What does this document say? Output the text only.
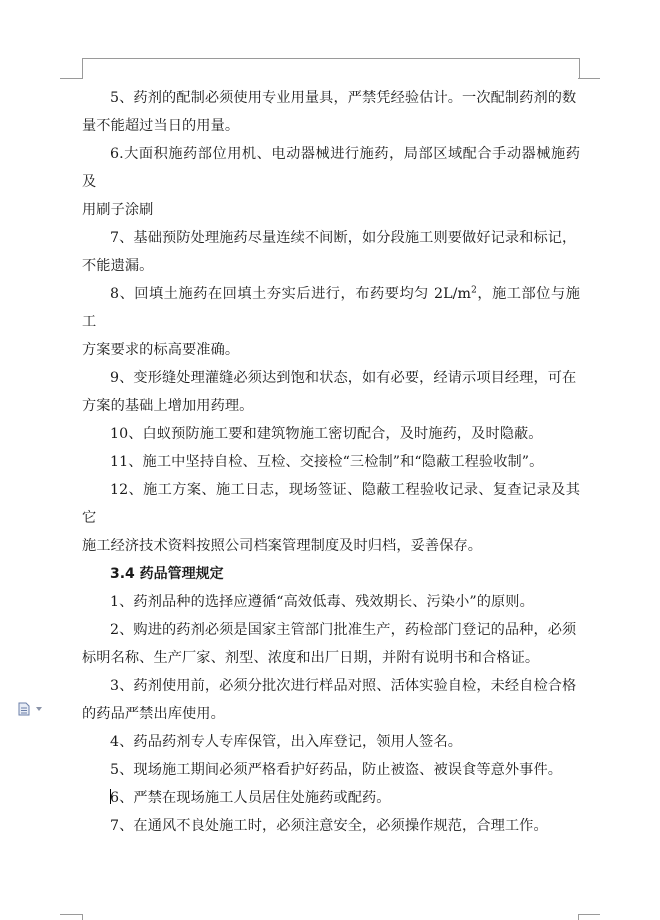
5、药剂的配制必须使用专业用量具，严禁凭经验估计。一次配制药剂的数
量不能超过当日的用量。

6.大面积施药部位用机、电动器械进行施药，局部区域配合手动器械施药及
用刷子涂刷

7、基础预防处理施药尽量连续不间断，如分段施工则要做好记录和标记，
不能遗漏。

8、回填土施药在回填土夯实后进行，布药要均匀 $2L/m^2$，施工部位与施工
方案要求的标高要准确。

9、变形缝处理灌缝必须达到饱和状态，如有必要，经请示项目经理，可在
方案的基础上增加用药理。

10、白蚁预防施工要和建筑物施工密切配合，及时施药，及时隐蔽。

11、施工中坚持自检、互检、交接检“三检制”和“隐蔽工程验收制”。

12、施工方案、施工日志，现场签证、隐蔽工程验收记录、复查记录及其它
施工经济技术资料按照公司档案管理制度及时归档，妥善保存。

3.4 药品管理规定

1、药剂品种的选择应遵循“高效低毒、残效期长、污染小”的原则。

2、购进的药剂必须是国家主管部门批准生产，药检部门登记的品种，必须
标明名称、生产厂家、剂型、浓度和出厂日期，并附有说明书和合格证。

3、药剂使用前，必须分批次进行样品对照、活体实验自检，未经自检合格
的药品严禁出库使用。

4、药品药剂专人专库保管，出入库登记，领用人签名。

5、现场施工期间必须严格看护好药品，防止被盗、被误食等意外事件。

6、严禁在现场施工人员居住处施药或配药。

7、在通风不良处施工时，必须注意安全，必须操作规范，合理工作。
